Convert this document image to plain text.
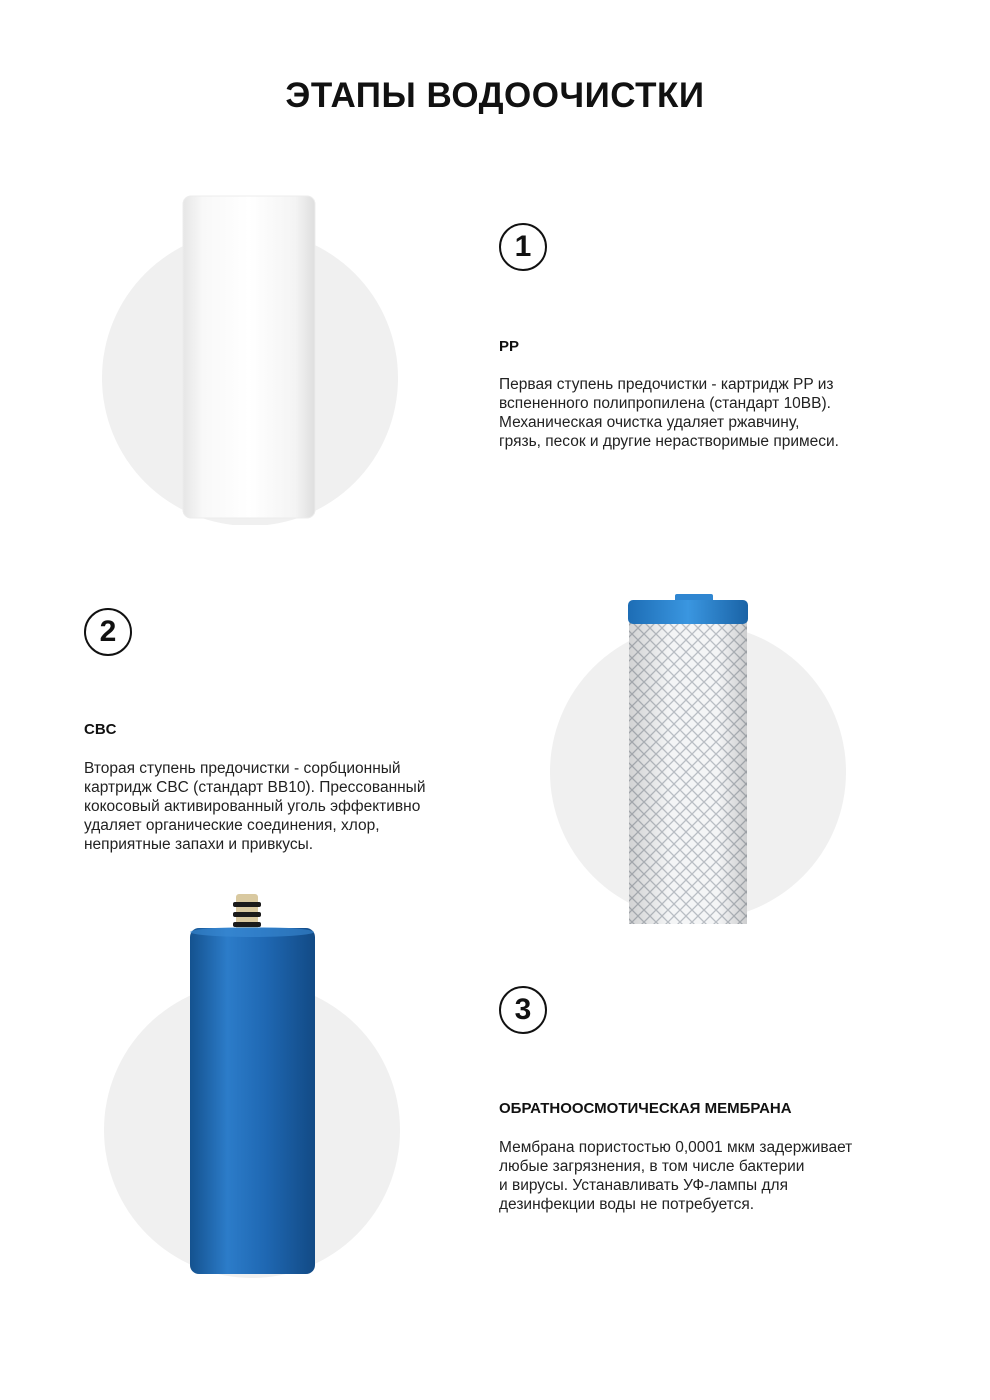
ЭТАПЫ ВОДООЧИСТКИ
1
PP
Первая ступень предочистки - картридж PP из
вспененного полипропилена (стандарт 10BB).
Механическая очистка удаляет ржавчину,
грязь, песок и другие нерастворимые примеси.
2
CBC
Вторая ступень предочистки - сорбционный
картридж CBC (стандарт BB10). Прессованный
кокосовый активированный уголь эффективно
удаляет органические соединения, хлор,
неприятные запахи и привкусы.
3
ОБРАТНООСМОТИЧЕСКАЯ МЕМБРАНА
Мембрана пористостью 0,0001 мкм задерживает
любые загрязнения, в том числе бактерии
и вирусы. Устанавливать УФ-лампы для
дезинфекции воды не потребуется.
